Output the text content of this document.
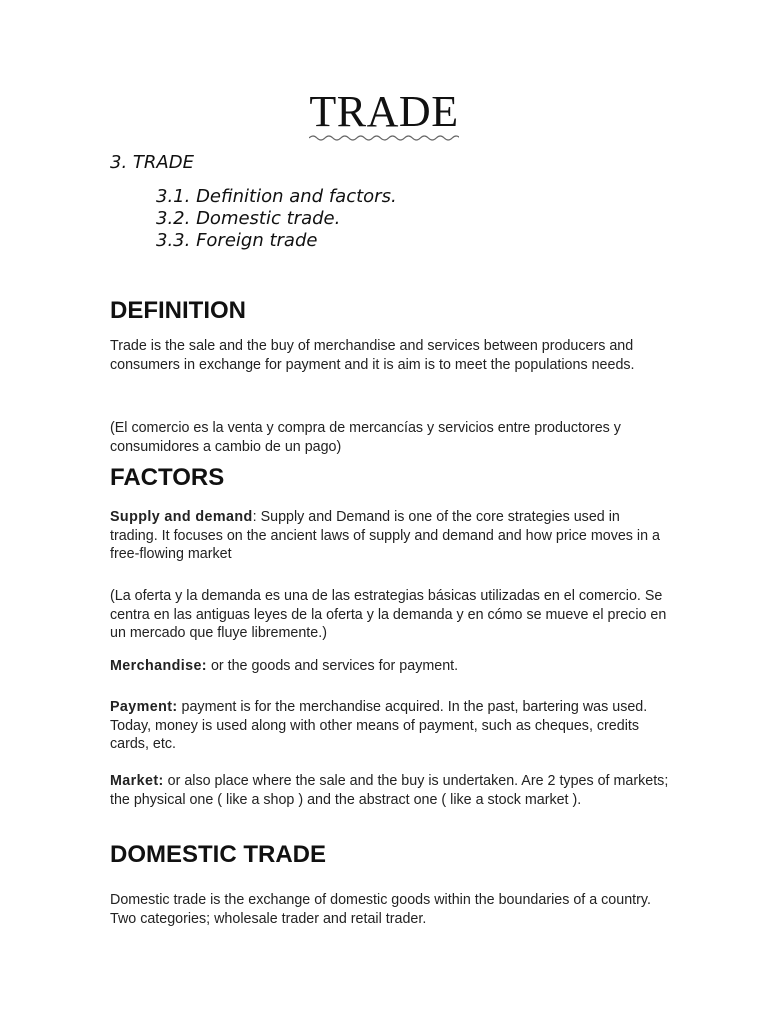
TRADE
3. TRADE
3.1. Definition and factors.
3.2. Domestic trade.
3.3. Foreign trade
DEFINITION

Trade is the sale and the buy of merchandise and services between producers and consumers in exchange for payment and it is aim is to meet the populations needs.

(El comercio es la venta y compra de mercancías y servicios entre productores y consumidores a cambio de un pago)

FACTORS

Supply and demand: Supply and Demand is one of the core strategies used in trading. It focuses on the ancient laws of supply and demand and how price moves in a free-flowing market

(La oferta y la demanda es una de las estrategias básicas utilizadas en el comercio. Se centra en las antiguas leyes de la oferta y la demanda y en cómo se mueve el precio en un mercado que fluye libremente.)

Merchandise: or the goods and services for payment.

Payment: payment is for the merchandise acquired. In the past, bartering was used. Today, money is used along with other means of payment, such as cheques, credits cards, etc.

Market: or also place where the sale and the buy is undertaken. Are 2 types of markets; the physical one ( like a shop ) and the abstract one ( like a stock market ).

DOMESTIC TRADE

Domestic trade is the exchange of domestic goods within the boundaries of a country. Two categories; wholesale trader and retail trader.
